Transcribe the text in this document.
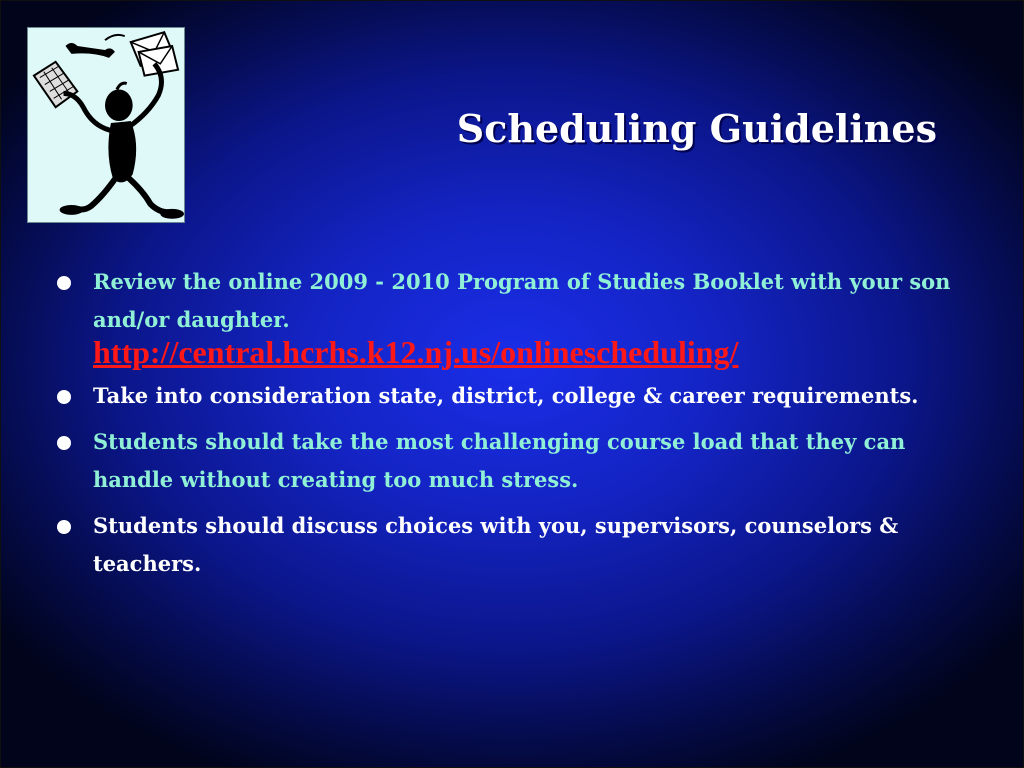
Scheduling Guidelines
Review the online 2009 - 2010 Program of Studies Booklet with your son and/or daughter.
http://central.hcrhs.k12.nj.us/onlinescheduling/
Take into consideration state, district, college & career requirements.
Students should take the most challenging course load that they can handle without creating too much stress.
Students should discuss choices with you, supervisors, counselors & teachers.
